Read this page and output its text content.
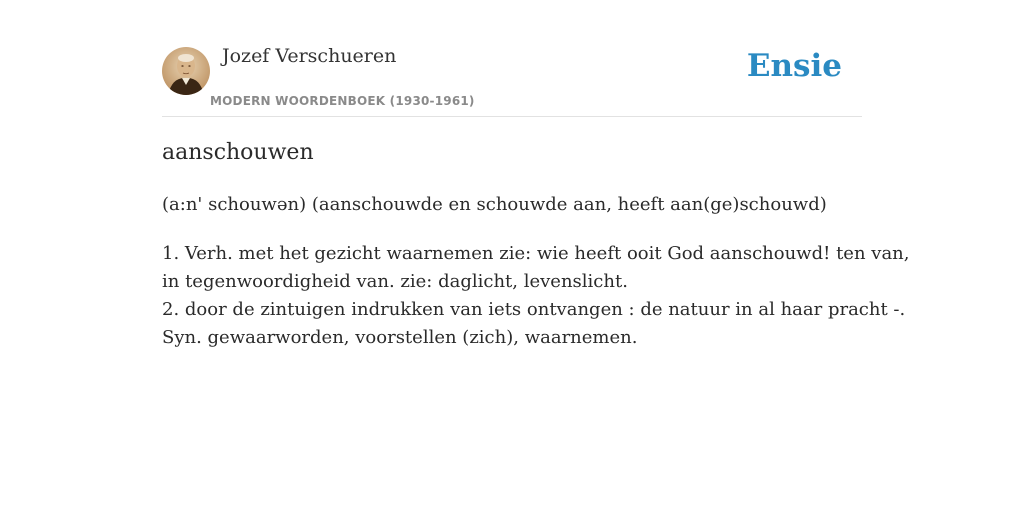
Jozef Verschueren
MODERN WOORDENBOEK (1930-1961)
Ensie
aanschouwen
(a:n' schouwən) (aanschouwde en schouwde aan, heeft aan(ge)schouwd)

1. Verh. met het gezicht waarnemen zie: wie heeft ooit God aanschouwd! ten van,

in tegenwoordigheid van. zie: daglicht, levenslicht.

2. door de zintuigen indrukken van iets ontvangen : de natuur in al haar pracht -.

Syn. gewaarworden, voorstellen (zich), waarnemen.
